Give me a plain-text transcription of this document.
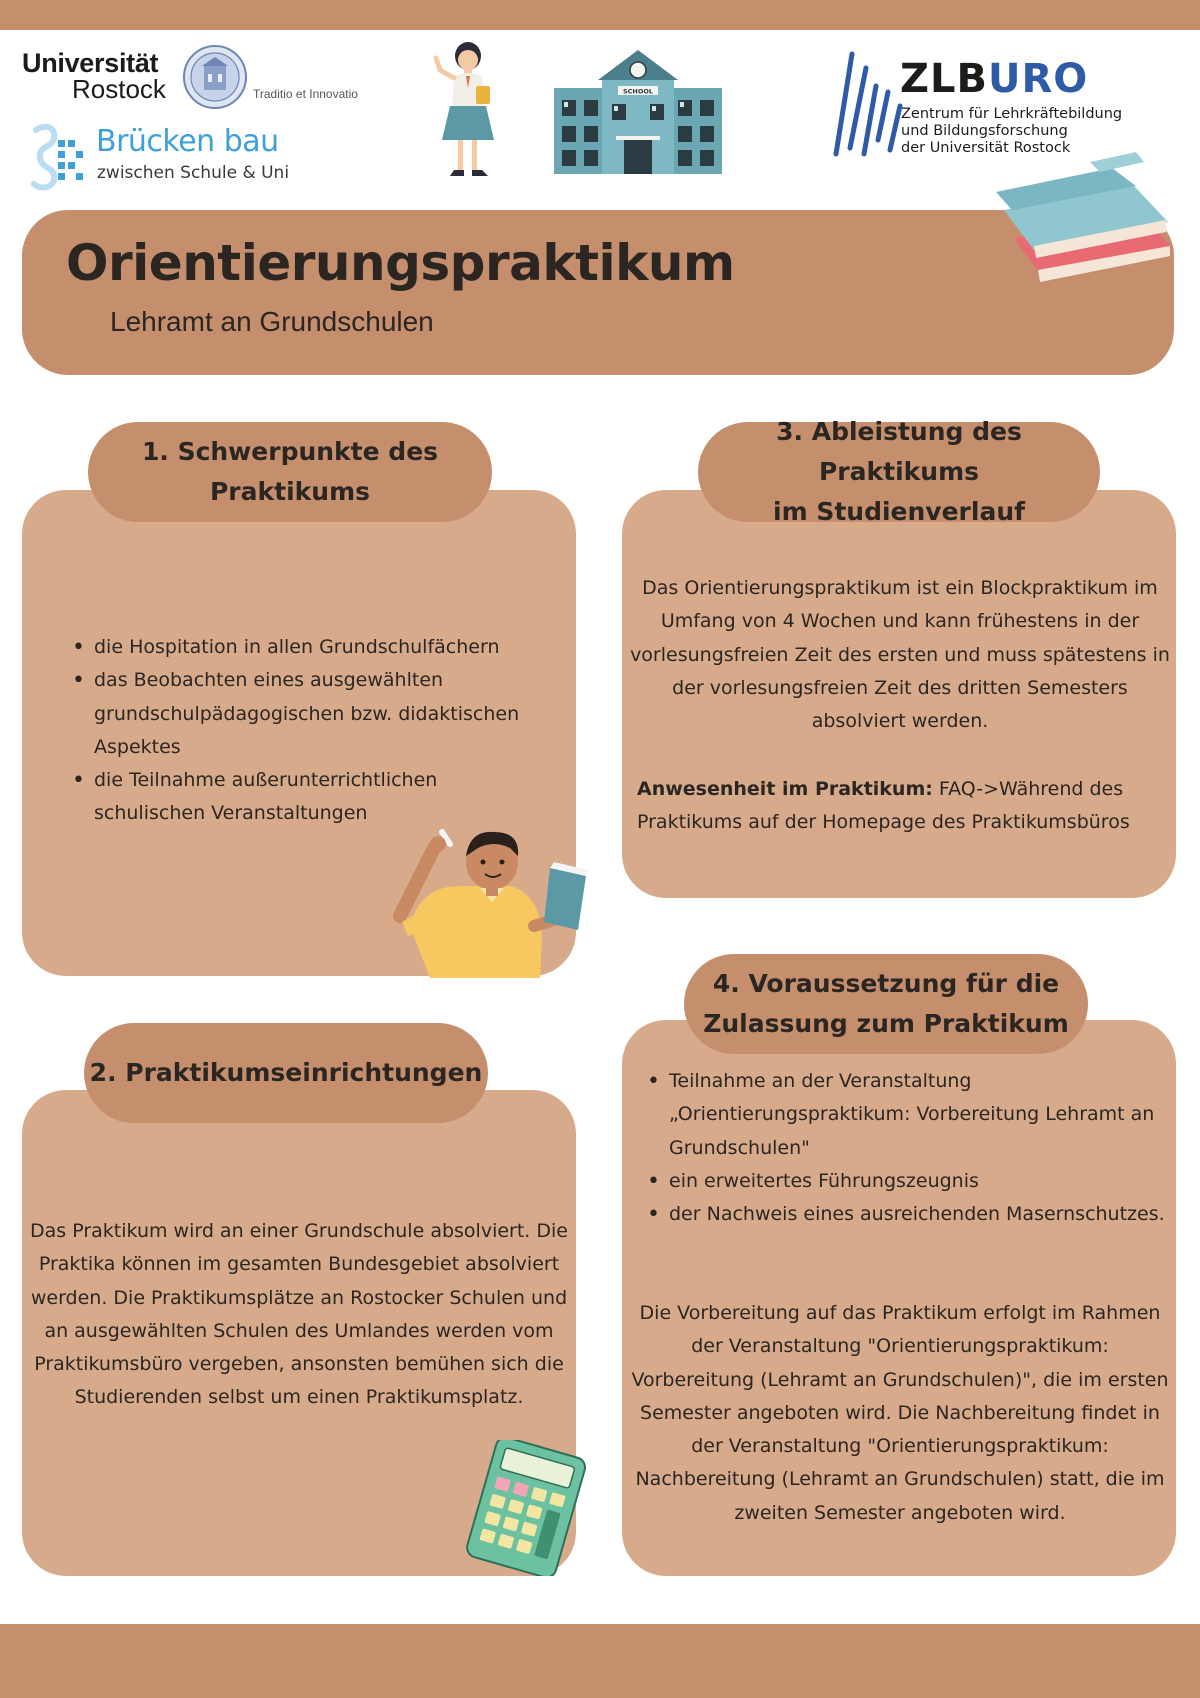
Universität
Rostock	Traditio et Innovatio
Brücken bau
zwischen Schule & Uni
SCHOOL	ZLBURO
Zentrum für Lehrkräftebildung
und Bildungsforschung
der Universität Rostock
Orientierungspraktikum
Lehramt an Grundschulen
1. Schwerpunkte des
Praktikums
• die Hospitation in allen Grundschulfächern
• das Beobachten eines ausgewählten grundschulpädagogischen bzw. didaktischen Aspektes
• die Teilnahme außerunterrichtlichen schulischen Veranstaltungen
3. Ableistung des Praktikums
im Studienverlauf
Das Orientierungspraktikum ist ein Blockpraktikum im Umfang von 4 Wochen und kann frühestens in der vorlesungsfreien Zeit des ersten und muss spätestens in der vorlesungsfreien Zeit des dritten Semesters absolviert werden.
Anwesenheit im Praktikum: FAQ->Während des Praktikums auf der Homepage des Praktikumsbüros
2. Praktikumseinrichtungen
Das Praktikum wird an einer Grundschule absolviert. Die Praktika können im gesamten Bundesgebiet absolviert werden. Die Praktikumsplätze an Rostocker Schulen und an ausgewählten Schulen des Umlandes werden vom Praktikumsbüro vergeben, ansonsten bemühen sich die Studierenden selbst um einen Praktikumsplatz.
4. Voraussetzung für die
Zulassung zum Praktikum
• Teilnahme an der Veranstaltung „Orientierungspraktikum: Vorbereitung Lehramt an Grundschulen"
• ein erweitertes Führungszeugnis
• der Nachweis eines ausreichenden Masernschutzes.
Die Vorbereitung auf das Praktikum erfolgt im Rahmen der Veranstaltung "Orientierungspraktikum: Vorbereitung (Lehramt an Grundschulen)", die im ersten Semester angeboten wird. Die Nachbereitung findet in der Veranstaltung "Orientierungspraktikum: Nachbereitung (Lehramt an Grundschulen) statt, die im zweiten Semester angeboten wird.
